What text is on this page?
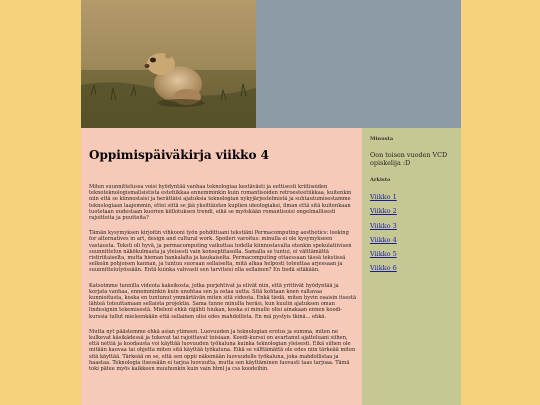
Oppimispäiväkirja viikko 4

Miten suunnittelussa voisi hyödyntää vanhaa teknologiaa kestävästi ja eettisesti kriitisoiden teknoteknologismalisistista estetiikkaa ennemminkin kuin romantisoiden retroesteetiikkaa, kuitenkin niin että se kiinnostaisi ja herättäisi ajatuksia teknologian nykyjärjestelmistä ja suhtautumisestamme teknologiaan laajemmin, ettei siitä se jää yksittäisten kuplien ideologiaksi, ilman että sitä kuitenkaan tuotetaan uudestaan kuorien kiillotuksen trendi, eikä se myöskään romantisoisi ongelmallisesti rajoitteita ja puutteita?

Tämän kysymyksen kirjoitin vihkooni työn pohdittuani tekstiäni Permacomputing aesthetics: looking for alternatives in art, design and cultural work. Spoileri varoitus: minulla ei ole kysymykseen vastausta. Teksti oli hyvä, ja permacomputing vaikuttaa todella kiinnostavalta etenkin spekulatiivisen suunnittelun näkökulmasta ja yleisesti vain konseptitasolla. Samalla se tuntui, ei välttämättä ristiriitaiselta, mutta hieman hankalalta ja kaukaiselta. Permacomputing ottaessaan tässä tekstissä selkeän pohjoisen kannan, ja tuntuu suoraan sellaiselta, mitä alkaa helposti toteuttaa arjessaan ja suunnittelutyössään. Entä kuinka vahvasti sen tarvitsisi olla sellainen? En tiedä sitäkään.

Katsoimme tunnilla videota kaksikosta, jotka purjehtivat ja elivät niin, että yrittivät hyödyntää ja korjata vanhaa, ennemminkin kuin unohtaa sen ja ostaa uutta. Sitä kohtaan koen valtavaa kunnioitusta, koska en tuntunut ymmärtävän miten sitä videota. Enkä tiedä, miten hyvin osaisin itsestä lähteä toteuttamaan sellaista projektia. Sama tunne minulla heräsi, kun kuulin ajatuksen oman lindesignin tekemisestä. Mieleni ehkä räjähti hiukan, koska ei minulle olisi ainakaan ennen koodi-kurssia tullut mieleenkään että sellainen olisi edes mahdollista. En mä pystyis tkinä... ehkä.

Mutta nyt päästemme ehkä asian ytimeen. Luovuuden ja teknologian erotus ja summa, miten ne kulkevat käsikädessä ja tukevat tai rajoittavat toisiaan. Koodi-kurssi on avartanut ajatteluani siihen, että nettiä ja koodausta voi käyttää luovuuden työkaluna kuinka teknologian yleisesti. Eikä siihen ole mitään kauvaa tai ohjetta miten sitä käyttää työkaluna. Eikä se välttämättä ole edes niin tärkeää miten sitä käyttää. Tärkeää on se, että sen oppii näkemään luovuudelle työkaluna, joka mahdollistaa ja haastaa. Teknologia itsessään ei tarjoa luovuutta, mutta sen käyttäminen luovasti taas tarjoaa. Tämä toki pätee myös kaikkeen muuhunkin kuin vain html ja css koodeihin.

Minusta

Oon toisen vuoden VCD opiskelija :D

Arkisto
Viikko 1
Viikko 2
Viikko 3
Viikko 4
Viikko 5
Viikko 6
